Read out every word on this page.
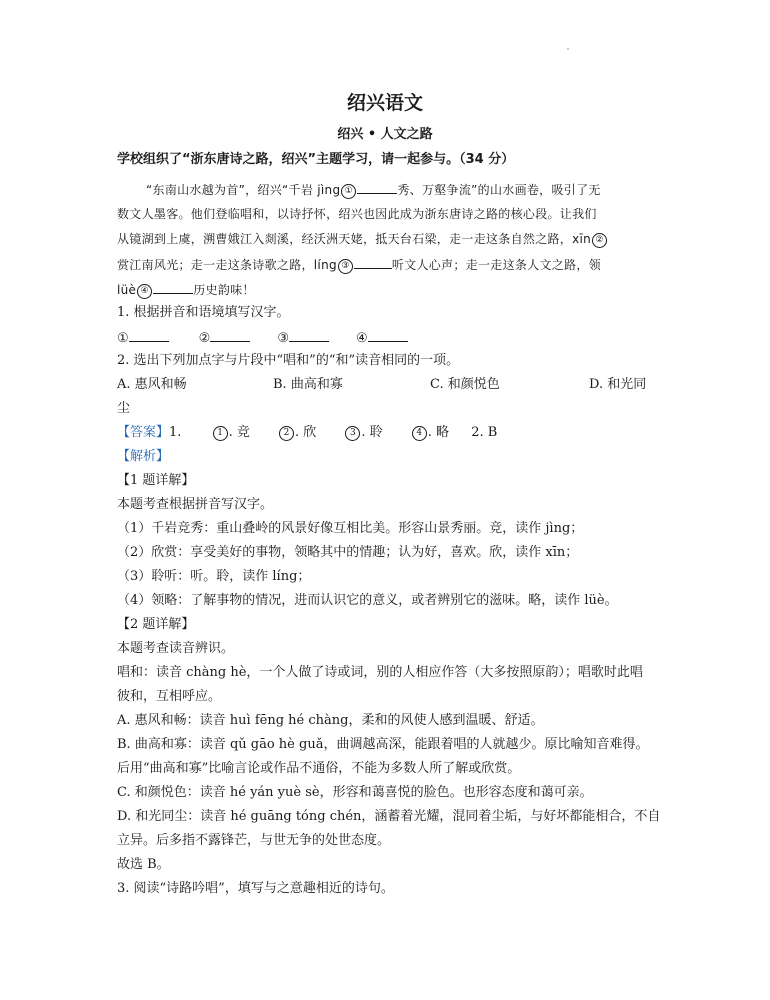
绍兴语文
绍兴 • 人文之路
学校组织了“浙东唐诗之路，绍兴”主题学习，请一起参与。（34 分）
“东南山水越为首”，绍兴“千岩 jìng ①	秀、万壑争流”的山水画卷，吸引了无
数文人墨客。他们登临唱和，以诗抒怀，绍兴也因此成为浙东唐诗之路的核心段。让我们
从镜湖到上虞，溯曹娥江入剡溪，经沃洲天姥，抵天台石梁，走一走这条自然之路，xīn ②
赏江南风光；走一走这条诗歌之路，líng ③	听文人心声；走一走这条人文之路，领
lüè ④	历史韵味！
1. 根据拼音和语境填写汉字。
①	②	③	④
2. 选出下列加点字与片段中“唱和”的“和”读音相同的一项。
A. 惠风和畅	B. 曲高和寡	C. 和颜悦色	D. 和光同
尘
【答案】1.	1 . 竞	2 . 欣	3 . 聆	4 . 略 2. B
【解析】
【1 题详解】
本题考查根据拼音写汉字。
（1）千岩竞秀：重山叠岭的风景好像互相比美。形容山景秀丽。竞，读作 jìng；
（2）欣赏：享受美好的事物，领略其中的情趣；认为好，喜欢。欣，读作 xīn；
（3）聆听：听。聆，读作 líng；
（4）领略：了解事物的情况，进而认识它的意义，或者辨别它的滋味。略，读作 lüè。
【2 题详解】
本题考查读音辨识。
唱和：读音 chàng hè，一个人做了诗或词，别的人相应作答（大多按照原韵）；唱歌时此唱
彼和，互相呼应。
A. 惠风和畅：读音 huì fēng hé chàng，柔和的风使人感到温暖、舒适。
B. 曲高和寡：读音 qǔ gāo hè guǎ，曲调越高深，能跟着唱的人就越少。原比喻知音难得。
后用“曲高和寡”比喻言论或作品不通俗，不能为多数人所了解或欣赏。
C. 和颜悦色：读音 hé yán yuè sè，形容和蔼喜悦的脸色。也形容态度和蔼可亲。
D. 和光同尘：读音 hé guāng tóng chén，涵蓄着光耀，混同着尘垢，与好坏都能相合，不自
立异。后多指不露锋芒，与世无争的处世态度。
故选 B。
3. 阅读“诗路吟唱”，填写与之意趣相近的诗句。
